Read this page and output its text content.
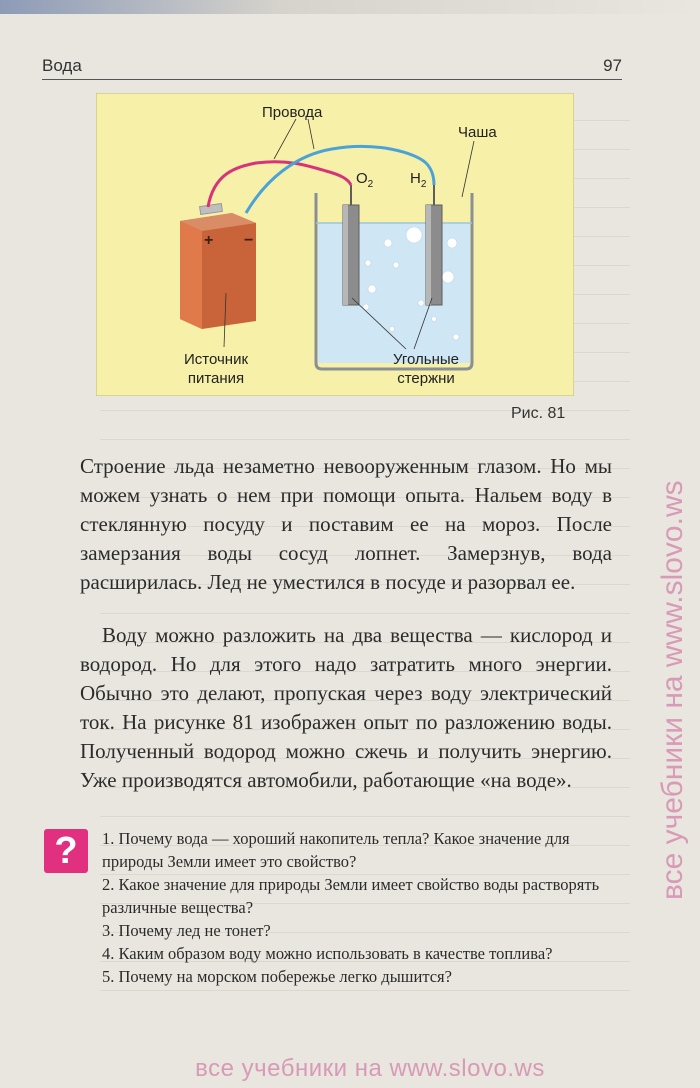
Вода	97
+ −
Провода
Чаша
$O_2$ $H_2$
Источник
питания
Угольные
стержни
Рис. 81

Строение льда незаметно невооруженным глазом. Но мы можем узнать о нем при помощи опыта. Нальем воду в стеклянную посуду и поставим ее на мороз. После замерзания воды сосуд лопнет. Замерзнув, вода расширилась. Лед не уместился в посуде и разорвал ее.

Воду можно разложить на два вещества — кислород и водород. Но для этого надо затратить много энергии. Обычно это делают, пропуская через воду электрический ток. На рисунке 81 изображен опыт по разложению воды. Полученный водород можно сжечь и получить энергию. Уже производятся автомобили, работающие «на воде».

?	1. Почему вода — хороший накопитель тепла? Какое значение для природы Земли имеет это свойство?
2. Какое значение для природы Земли имеет свойство воды растворять различные вещества?
3. Почему лед не тонет?
4. Каким образом воду можно использовать в качестве топлива?
5. Почему на морском побережье легко дышится?
все учебники на www.slovo.ws
все учебники на www.slovo.ws
